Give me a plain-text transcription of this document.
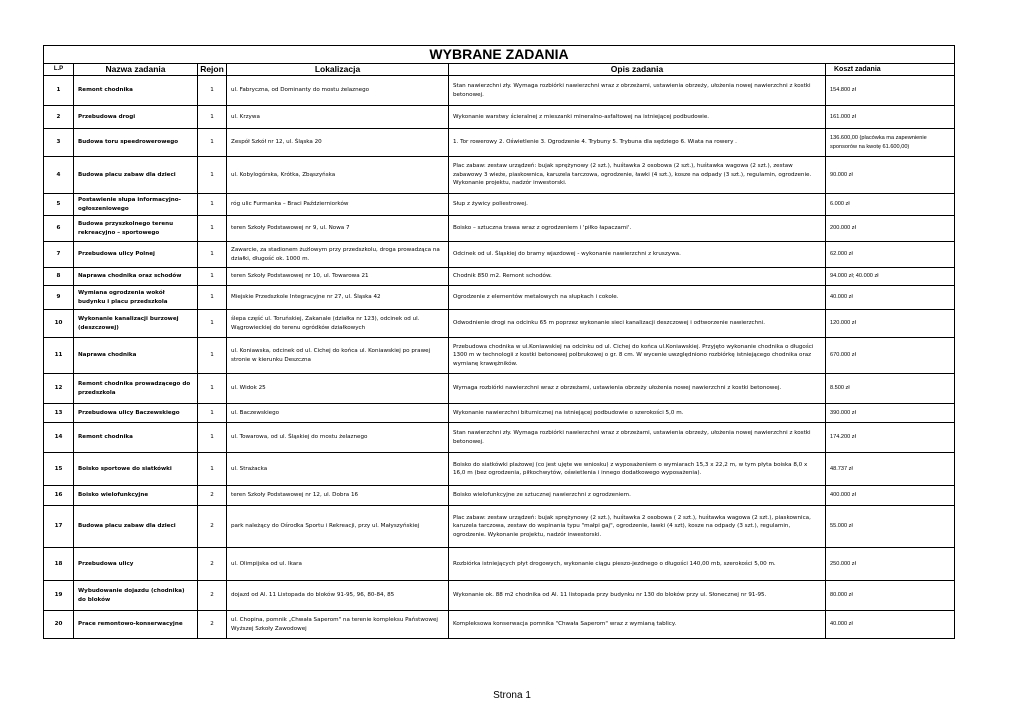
WYBRANE ZADANIA					
L.P	Nazwa zadania	Rejon	Lokalizacja	Opis zadania	Koszt zadania
1	Remont chodnika	1	ul. Fabryczna, od Dominanty do mostu żelaznego	Stan nawierzchni zły. Wymaga rozbiórki nawierzchni wraz z obrzeżami, ustawienia obrzeży, ułożenia nowej nawierzchni z kostki betonowej.	154.800 zł
2	Przebudowa drogi	1	ul. Krzywa	Wykonanie warstwy ścieralnej z mieszanki mineralno-asfaltowej na istniejącej podbudowie.	161.000 zł
3	Budowa toru speedrowerowego	1	Zespół Szkół nr 12, ul. Śląska 20	1. Tor rowerowy 2. Oświetlenie 3. Ogrodzenie 4. Trybuny 5. Trybuna dla sędziego 6. Wiata na rowery .	136.600,00 (placówka ma zapewnienie sponsorów na kwotę 61.600,00)
4	Budowa placu zabaw dla dzieci	1	ul. Kobylogórska, Krótka, Zbąszyńska	Plac zabaw: zestaw urządzeń: bujak sprężynowy (2 szt.), huśtawka 2 osobowa (2 szt.), huśtawka wagowa (2 szt.), zestaw zabawowy 3 wieże, piaskownica, karuzela tarczowa, ogrodzenie, ławki (4 szt.), kosze na odpady (3 szt.), regulamin, ogrodzenie. Wykonanie projektu, nadzór inwestorski.	90.000 zł
5	Postawienie słupa informacyjno-ogłoszeniowego	1	róg ulic Furmanka – Braci Październiorków	Słup z żywicy poliestrowej.	6.000 zł
6	Budowa przyszkolnego terenu rekreacyjno – sportowego	1	teren Szkoły Podstawowej nr 9, ul. Nowa 7	Boisko – sztuczna trawa wraz z ogrodzeniem i 'piłko łapaczami'.	200.000 zł
7	Przebudowa ulicy Polnej	1	Zawarcie, za stadionem żużlowym przy przedszkolu, droga prowadząca na działki, długość ok. 1000 m.	Odcinek od ul. Śląskiej do bramy wjazdowej - wykonanie nawierzchni z kruszywa.	62.000 zł
8	Naprawa chodnika oraz schodów	1	teren Szkoły Podstawowej nr 10, ul. Towarowa 21	Chodnik 850 m2. Remont schodów.	94.000 zł; 40.000 zł
9	Wymiana ogrodzenia wokół budynku i placu przedszkola	1	Miejskie Przedszkole Integracyjne nr 27, ul. Śląska 42	Ogrodzenie z elementów metalowych na słupkach i cokole.	40.000 zł
10	Wykonanie kanalizacji burzowej (deszczowej)	1	ślepa część ul. Toruńskiej, Zakanale (działka nr 123), odcinek od ul. Wągrowieckiej do terenu ogródków działkowych	Odwodnienie drogi na odcinku 65 m poprzez wykonanie sieci kanalizacji deszczowej i odtworzenie nawierzchni.	120.000 zł
11	Naprawa chodnika	1	ul. Koniawska, odcinek od ul. Cichej do końca ul. Koniawskiej po prawej stronie w kierunku Deszczna	Przebudowa chodnika w ul.Koniawskiej na odcinku od ul. Cichej do końca ul.Koniawskiej. Przyjęto wykonanie chodnika o długości 1300 m w technologii z kostki betonowej polbrukowej o gr. 8 cm. W wycenie uwzględniono rozbiórkę istniejącego chodnika oraz wymianę krawężników.	670.000 zł
12	Remont chodnika prowadzącego do przedszkola	1	ul. Widok 25	Wymaga rozbiórki nawierzchni wraz z obrzeżami, ustawienia obrzeży ułożenia nowej nawierzchni z kostki betonowej.	8.500 zł
13	Przebudowa ulicy Baczewskiego	1	ul. Baczewskiego	Wykonanie nawierzchni bitumicznej na istniejącej podbudowie o szerokości 5,0 m.	390.000 zł
14	Remont chodnika	1	ul. Towarowa, od ul. Śląskiej do mostu żelaznego	Stan nawierzchni zły. Wymaga rozbiórki nawierzchni wraz z obrzeżami, ustawienia obrzeży, ułożenia nowej nawierzchni z kostki betonowej.	174.200 zł
15	Boisko sportowe do siatkówki	1	ul. Strażacka	Boisko do siatkówki plażowej (co jest ujęte we wniosku) z wyposażeniem o wymiarach 15,3 x 22,2 m, w tym płyta boiska 8,0 x 16,0 m (bez ogrodzenia, piłkochwytów, oświetlenia i innego dodatkowego wyposażenia).	48.737 zł
16	Boisko wielofunkcyjne	2	teren Szkoły Podstawowej nr 12, ul. Dobra 16	Boisko wielofunkcyjne ze sztucznej nawierzchni z ogrodzeniem.	400.000 zł
17	Budowa placu zabaw dla dzieci	2	park należący do Ośrodka Sportu i Rekreacji, przy ul. Małyszyńskiej	Plac zabaw: zestaw urządzeń: bujak sprężynowy (2 szt.), huśtawka 2 osobowa ( 2 szt.), huśtawka wagowa (2 szt.), piaskownica, karuzela tarczowa, zestaw do wspinania typu "małpi gaj", ogrodzenie, ławki (4 szt), kosze na odpady (3 szt.), regulamin, ogrodzenie. Wykonanie projektu, nadzór inwestorski.	55.000 zł
18	Przebudowa ulicy	2	ul. Olimpijska od ul. Ikara	Rozbiórka istniejących płyt drogowych, wykonanie ciągu pieszo-jezdnego o długości 140,00 mb, szerokości 5,00 m.	250.000 zł
19	Wybudowanie dojazdu (chodnika) do bloków	2	dojazd od Al. 11 Listopada do bloków 91-95, 96, 80-84, 85	Wykonanie ok. 88 m2 chodnika od Al. 11 listopada przy budynku nr 130 do bloków przy ul. Słonecznej nr 91-95.	80.000 zł
20	Prace remontowo-konserwacyjne	2	ul. Chopina, pomnik „Chwała Saperom" na terenie kompleksu Państwowej Wyższej Szkoły Zawodowej	Kompleksowa konserwacja pomnika "Chwała Saperom" wraz z wymianą tablicy.	40.000 zł
Strona 1
